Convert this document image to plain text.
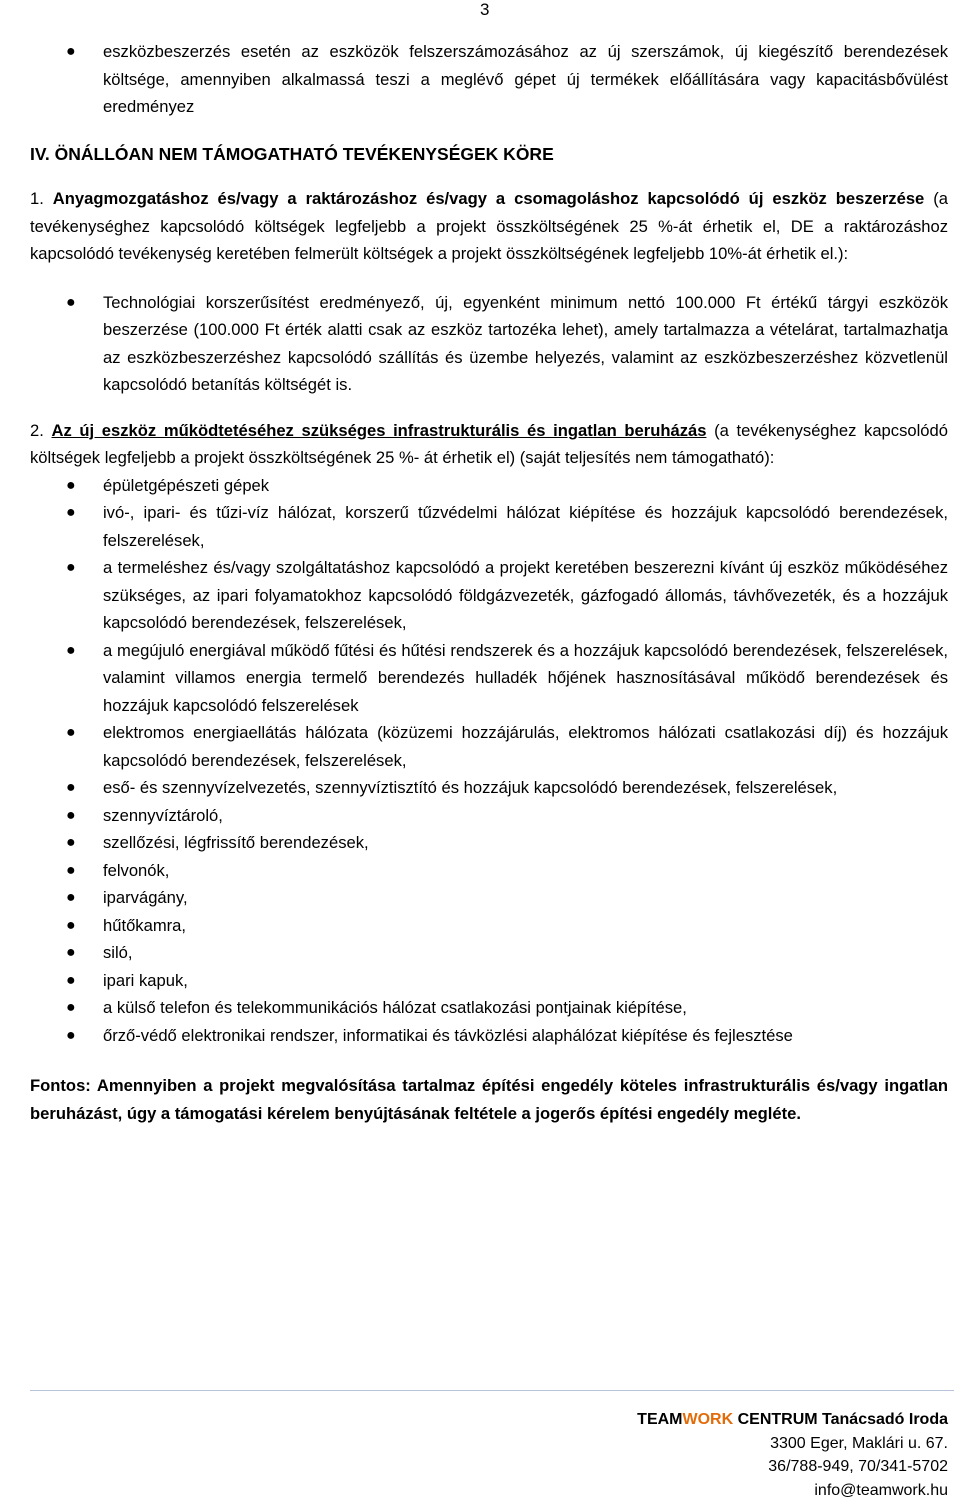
3
●	eszközbeszerzés esetén az eszközök felszerszámozásához az új szerszámok, új kiegészítő berendezések költsége, amennyiben alkalmassá teszi a meglévő gépet új termékek előállítására vagy kapacitásbővülést eredményez

IV. ÖNÁLLÓAN NEM TÁMOGATHATÓ TEVÉKENYSÉGEK KÖRE

1. Anyagmozgatáshoz és/vagy a raktározáshoz és/vagy a csomagoláshoz kapcsolódó új eszköz beszerzése (a tevékenységhez kapcsolódó költségek legfeljebb a projekt összköltségének 25 %-át érhetik el, DE a raktározáshoz kapcsolódó tevékenység keretében felmerült költségek a projekt összköltségének legfeljebb 10%-át érhetik el.):

●	Technológiai korszerűsítést eredményező, új, egyenként minimum nettó 100.000 Ft értékű tárgyi eszközök beszerzése (100.000 Ft érték alatti csak az eszköz tartozéka lehet), amely tartalmazza a vételárat, tartalmazhatja az eszközbeszerzéshez kapcsolódó szállítás és üzembe helyezés, valamint az eszközbeszerzéshez közvetlenül kapcsolódó betanítás költségét is.

2. Az új eszköz működtetéséhez szükséges infrastrukturális és ingatlan beruházás (a tevékenységhez kapcsolódó költségek legfeljebb a projekt összköltségének 25 %- át érhetik el) (saját teljesítés nem támogatható):

●	épületgépészeti gépek
●	ivó-, ipari- és tűzi-víz hálózat, korszerű tűzvédelmi hálózat kiépítése és hozzájuk kapcsolódó berendezések, felszerelések,
●	a termeléshez és/vagy szolgáltatáshoz kapcsolódó a projekt keretében beszerezni kívánt új eszköz működéséhez szükséges, az ipari folyamatokhoz kapcsolódó földgázvezeték, gázfogadó állomás, távhővezeték, és a hozzájuk kapcsolódó berendezések, felszerelések,
●	a megújuló energiával működő fűtési és hűtési rendszerek és a hozzájuk kapcsolódó berendezések, felszerelések, valamint villamos energia termelő berendezés hulladék hőjének hasznosításával működő berendezések és hozzájuk kapcsolódó felszerelések
●	elektromos energiaellátás hálózata (közüzemi hozzájárulás, elektromos hálózati csatlakozási díj) és hozzájuk kapcsolódó berendezések, felszerelések,
●	eső- és szennyvízelvezetés, szennyvíztisztító és hozzájuk kapcsolódó berendezések, felszerelések,
●	szennyvíztároló,
●	szellőzési, légfrissítő berendezések,
●	felvonók,
●	iparvágány,
●	hűtőkamra,
●	siló,
●	ipari kapuk,
●	a külső telefon és telekommunikációs hálózat csatlakozási pontjainak kiépítése,
●	őrző-védő elektronikai rendszer, informatikai és távközlési alaphálózat kiépítése és fejlesztése

Fontos: Amennyiben a projekt megvalósítása tartalmaz építési engedély köteles infrastrukturális és/vagy ingatlan beruházást, úgy a támogatási kérelem benyújtásának feltétele a jogerős építési engedély megléte.

TEAMWORK CENTRUM Tanácsadó Iroda
3300 Eger, Maklári u. 67.
36/788-949, 70/341-5702
info@teamwork.hu
